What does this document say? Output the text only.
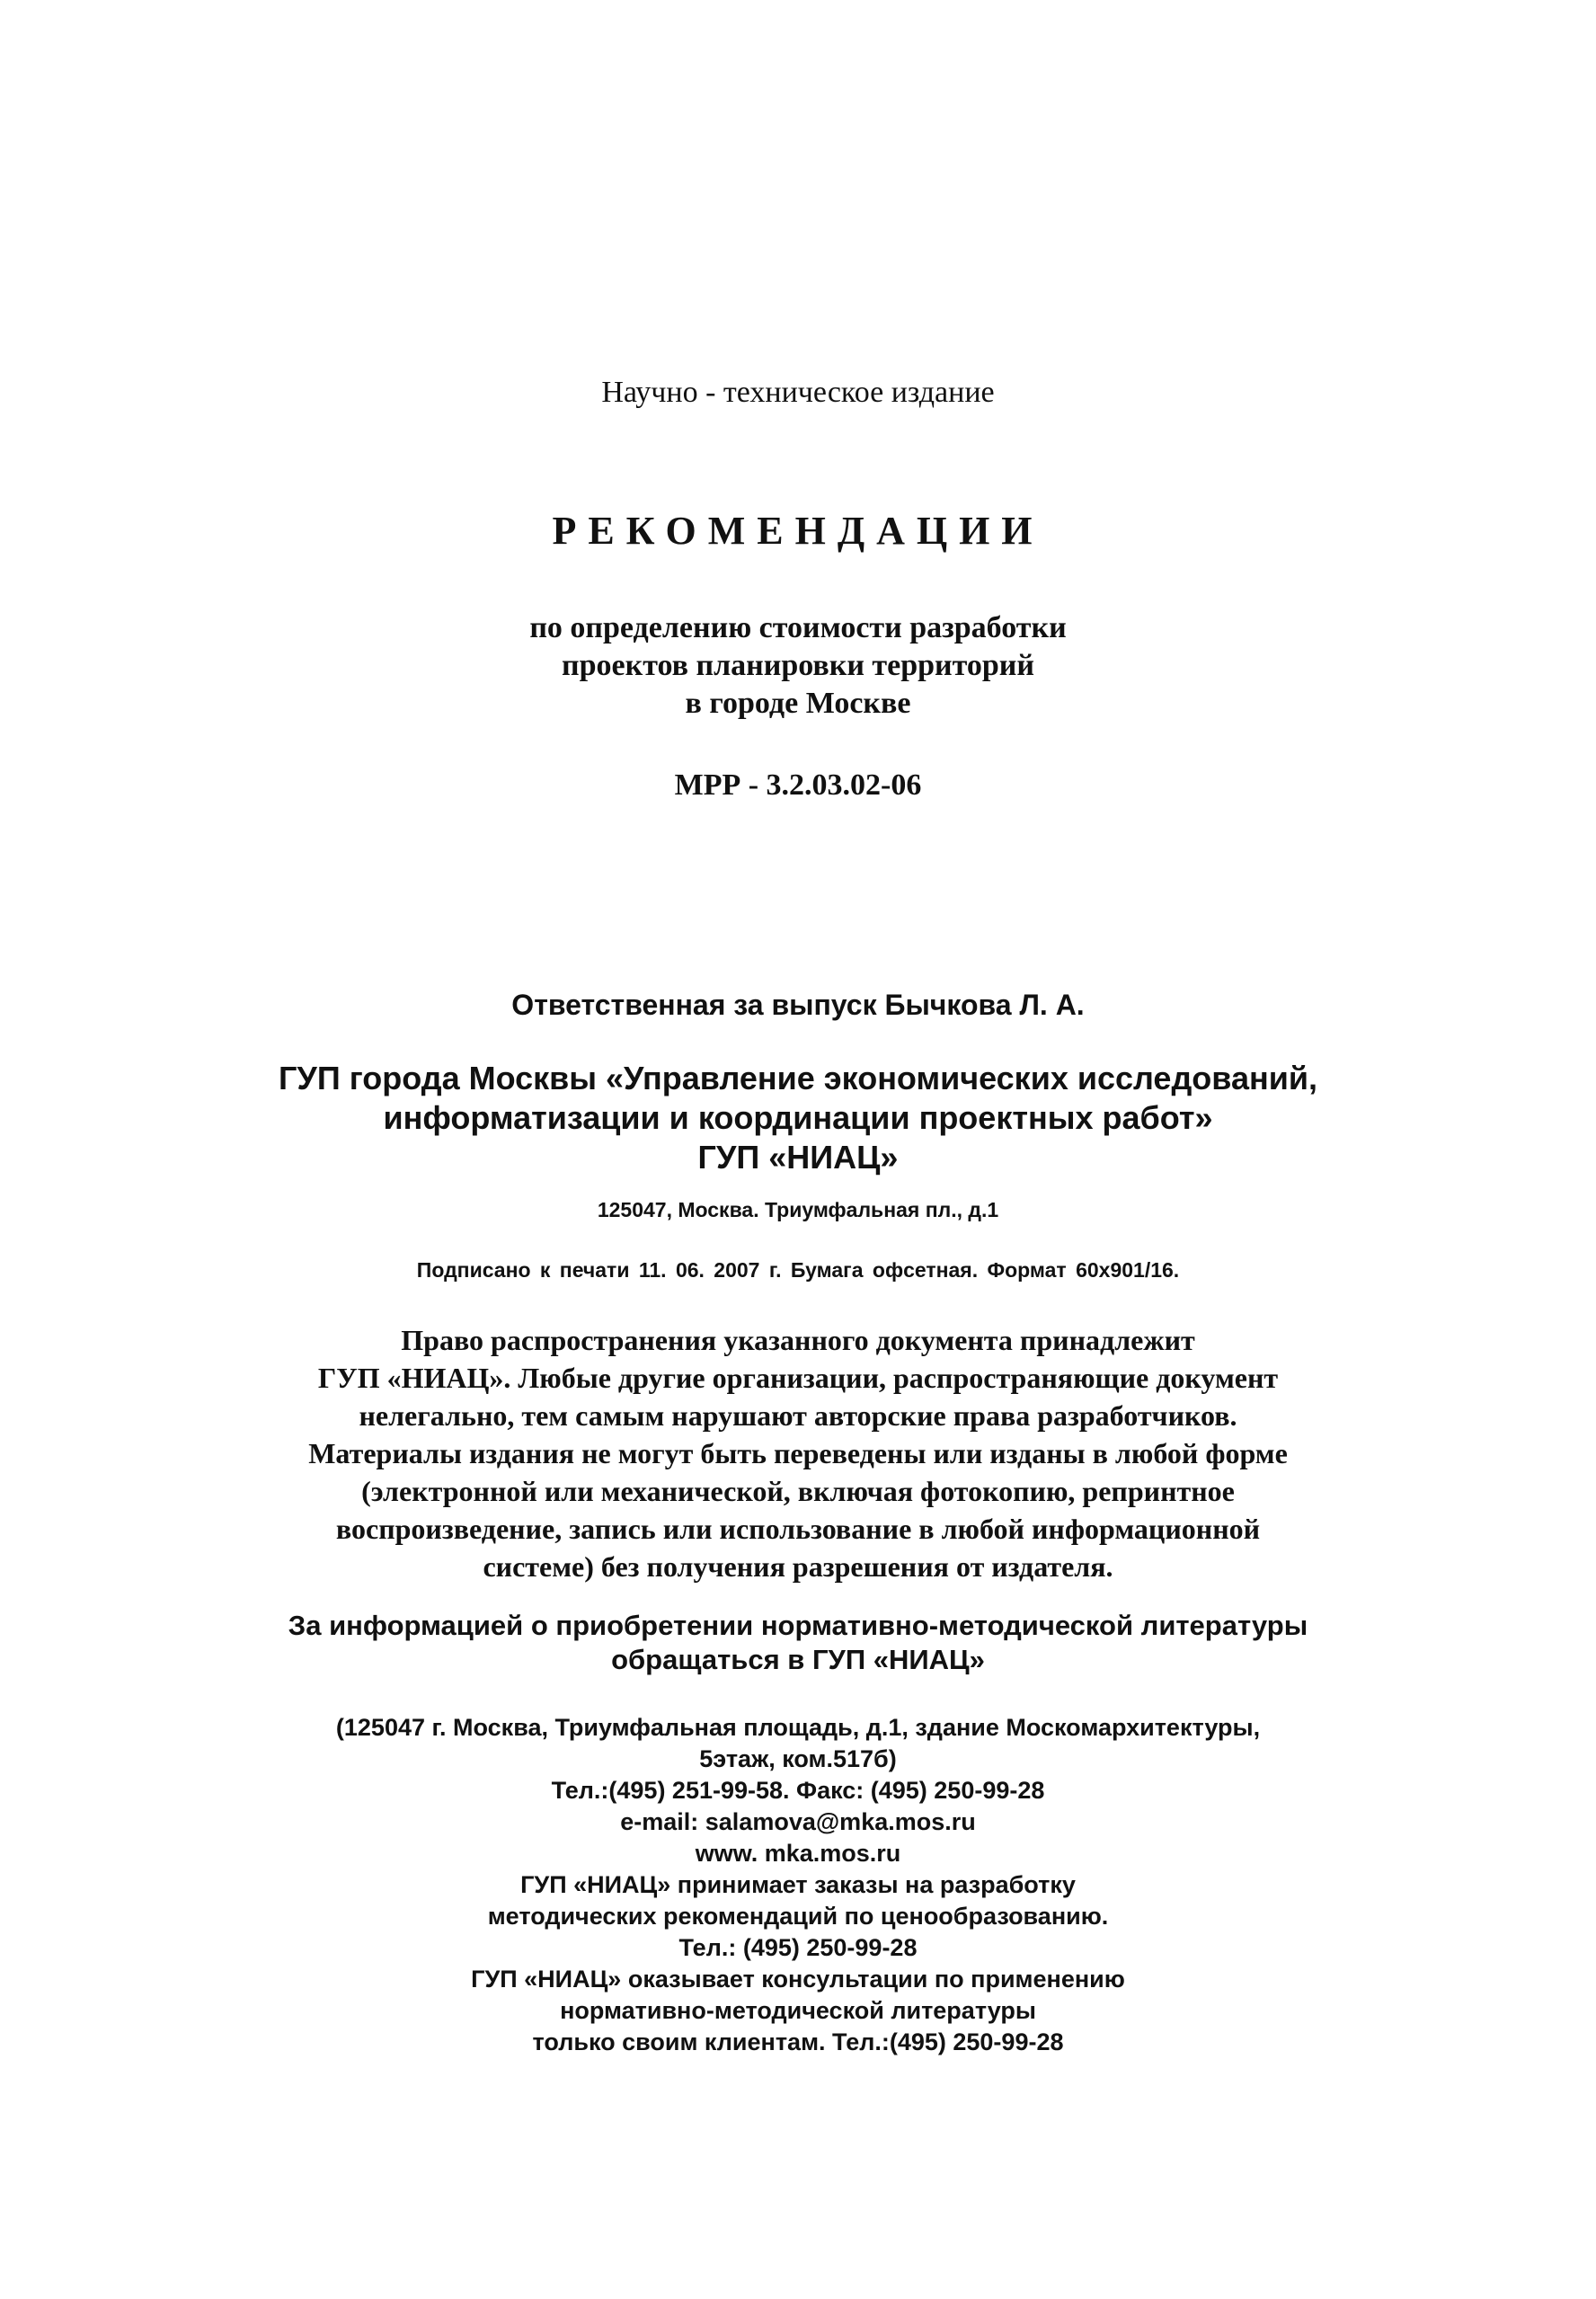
Научно - техническое издание
РЕКОМЕНДАЦИИ
по определению стоимости разработки
проектов планировки территорий
в городе Москве
МРР - 3.2.03.02-06
Ответственная за выпуск Бычкова Л. А.
ГУП города Москвы «Управление экономических исследований,
информатизации и координации проектных работ»
ГУП «НИАЦ»
125047, Москва. Триумфальная пл., д.1
Подписано к печати 11. 06. 2007 г. Бумага офсетная. Формат 60х901/16.
Право распространения указанного документа принадлежит
ГУП «НИАЦ». Любые другие организации, распространяющие документ
нелегально, тем самым нарушают авторские права разработчиков.
Материалы издания не могут быть переведены или изданы в любой форме
(электронной или механической, включая фотокопию, репринтное
воспроизведение, запись или использование в любой информационной
системе) без получения разрешения от издателя.
За информацией о приобретении нормативно-методической литературы
обращаться в ГУП «НИАЦ»
(125047 г. Москва, Триумфальная площадь, д.1, здание Москомархитектуры,
5этаж, ком.517б)
Тел.:(495) 251-99-58. Факс: (495) 250-99-28
e-mail: salamova@mka.mos.ru
www. mka.mos.ru
ГУП «НИАЦ» принимает заказы на разработку
методических рекомендаций по ценообразованию.
Тел.: (495) 250-99-28
ГУП «НИАЦ» оказывает консультации по применению
нормативно-методической литературы
только своим клиентам. Тел.:(495) 250-99-28
